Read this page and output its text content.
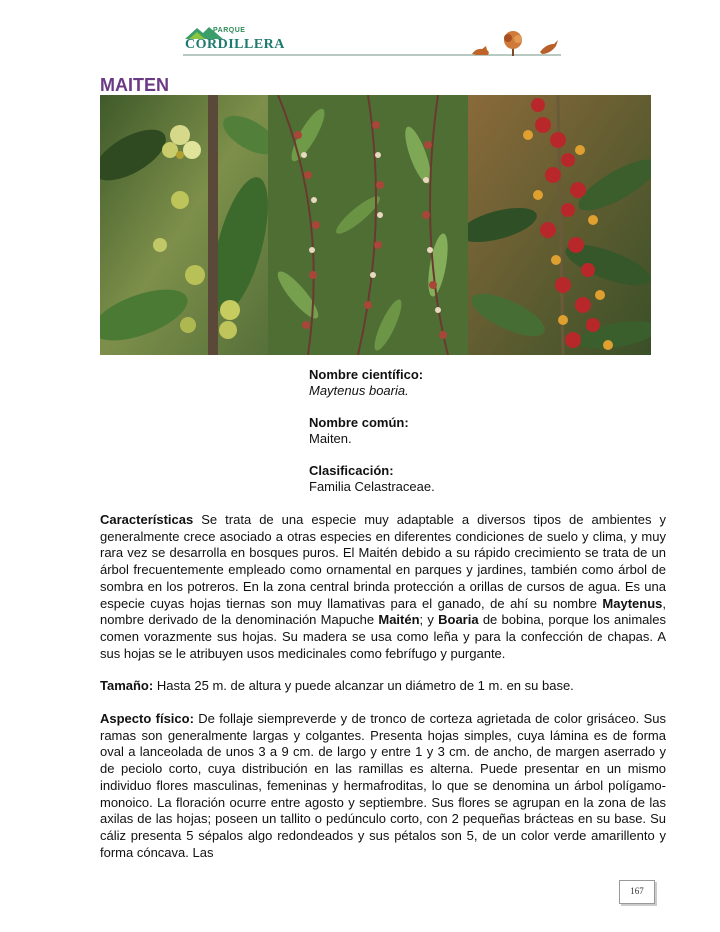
PARQUE
CORDILLERA
MAITEN
Nombre científico:
Maytenus boaria.
Nombre común:
Maiten.
Clasificación:
Familia Celastraceae.

Características Se trata de una especie muy adaptable a diversos tipos de ambientes y generalmente crece asociado a otras especies en diferentes condiciones de suelo y clima, y muy rara vez se desarrolla en bosques puros. El Maitén debido a su rápido crecimiento se trata de un árbol frecuentemente empleado como ornamental en parques y jardines, también como árbol de sombra en los potreros. En la zona central brinda protección a orillas de cursos de agua. Es una especie cuyas hojas tiernas son muy llamativas para el ganado, de ahí su nombre Maytenus, nombre derivado de la denominación Mapuche Maitén; y Boaria de bobina, porque los animales comen vorazmente sus hojas. Su madera se usa como leña y para la confección de chapas. A sus hojas se le atribuyen usos medicinales como febrífugo y purgante.

Tamaño: Hasta 25 m. de altura y puede alcanzar un diámetro de 1 m. en su base.

Aspecto físico: De follaje siempreverde y de tronco de corteza agrietada de color grisáceo. Sus ramas son generalmente largas y colgantes. Presenta hojas simples, cuya lámina es de forma oval a lanceolada de unos 3 a 9 cm. de largo y entre 1 y 3 cm. de ancho, de margen aserrado y de peciolo corto, cuya distribución en las ramillas es alterna. Puede presentar en un mismo individuo flores masculinas, femeninas y hermafroditas, lo que se denomina un árbol polígamo-monoico. La floración ocurre entre agosto y septiembre. Sus flores se agrupan en la zona de las axilas de las hojas; poseen un tallito o pedúnculo corto, con 2 pequeñas brácteas en su base. Su cáliz presenta 5 sépalos algo redondeados y sus pétalos son 5, de un color verde amarillento y forma cóncava. Las

167
